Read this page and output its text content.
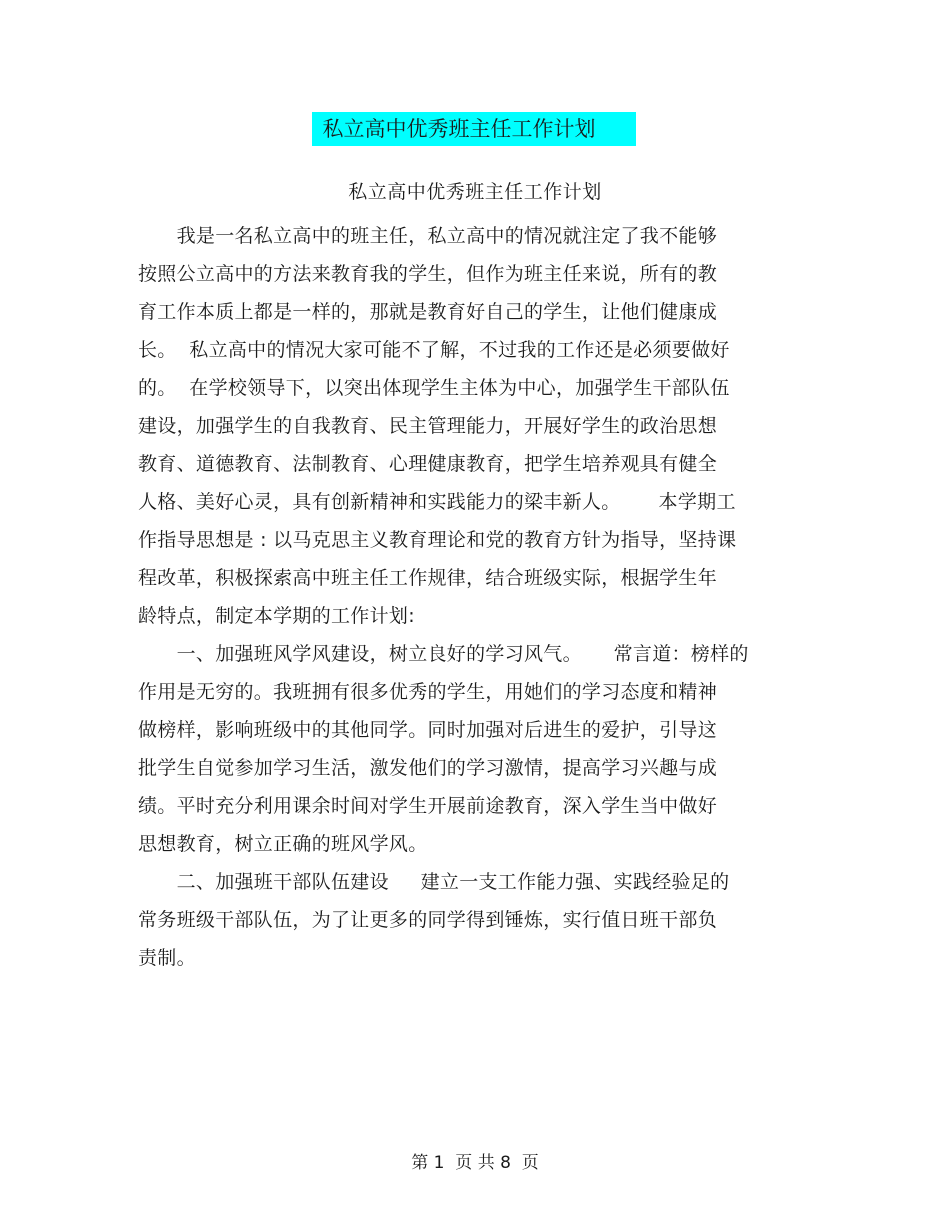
私立高中优秀班主任工作计划
私立高中优秀班主任工作计划
　　我是一名私立高中的班主任，私立高中的情况就注定了我不能够
按照公立高中的方法来教育我的学生，但作为班主任来说，所有的教
育工作本质上都是一样的，那就是教育好自己的学生，让他们健康成
长。  私立高中的情况大家可能不了解，不过我的工作还是必须要做好
的。  在学校领导下，以突出体现学生主体为中心，加强学生干部队伍
建设，加强学生的自我教育、民主管理能力，开展好学生的政治思想
教育、道德教育、法制教育、心理健康教育，把学生培养观具有健全
人格、美好心灵，具有创新精神和实践能力的梁丰新人。      本学期工
作指导思想是 : 以马克思主义教育理论和党的教育方针为指导，坚持课
程改革，积极探索高中班主任工作规律，结合班级实际，根据学生年
龄特点，制定本学期的工作计划:
　　一、加强班风学风建设，树立良好的学习风气。     常言道：榜样的
作用是无穷的。我班拥有很多优秀的学生，用她们的学习态度和精神
做榜样，影响班级中的其他同学。同时加强对后进生的爱护，引导这
批学生自觉参加学习生活，激发他们的学习激情，提高学习兴趣与成
绩。平时充分利用课余时间对学生开展前途教育，深入学生当中做好
思想教育，树立正确的班风学风。
　　二、加强班干部队伍建设     建立一支工作能力强、实践经验足的
常务班级干部队伍，为了让更多的同学得到锤炼，实行值日班干部负
责制。
第 1  页 共 8  页
